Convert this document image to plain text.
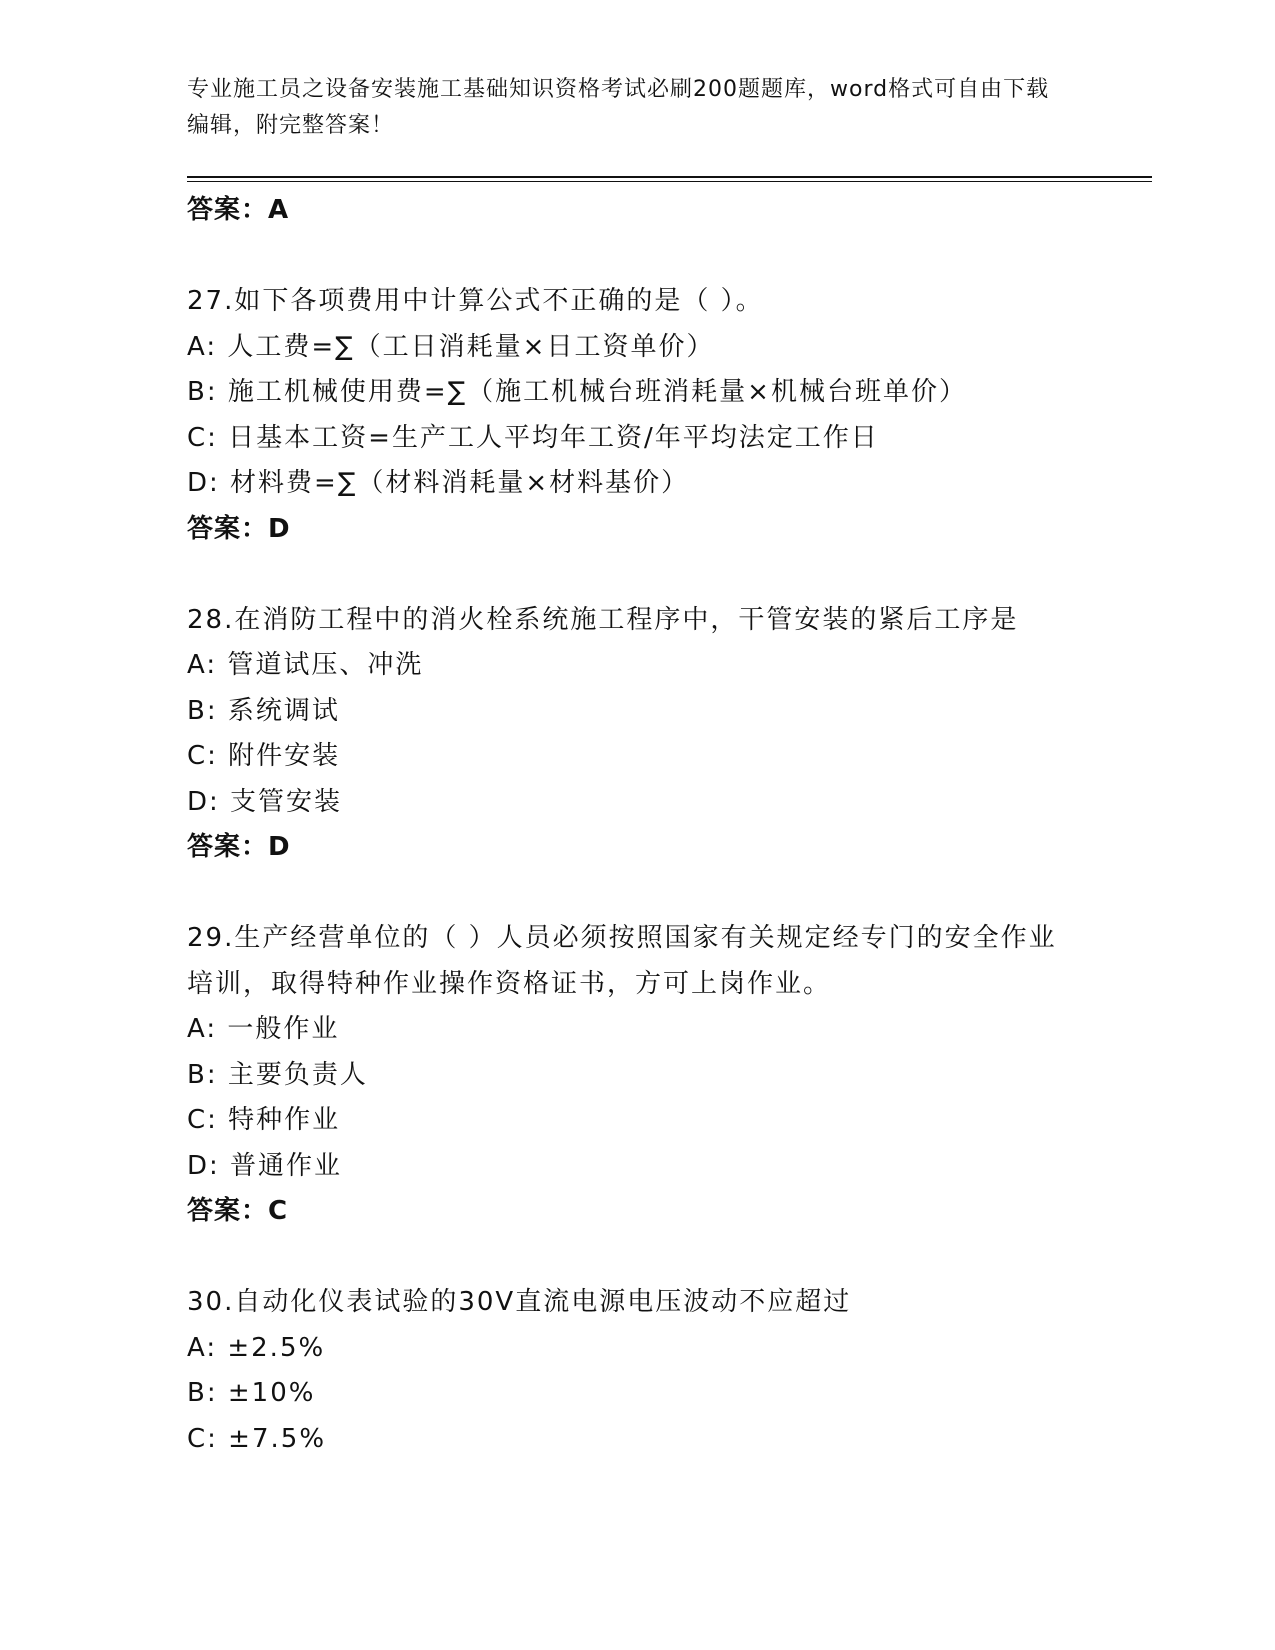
专业施工员之设备安装施工基础知识资格考试必刷200题题库，word格式可自由下载编辑，附完整答案！
答案：A
27.如下各项费用中计算公式不正确的是（ ）。
A: 人工费=∑（工日消耗量×日工资单价）
B: 施工机械使用费=∑（施工机械台班消耗量×机械台班单价）
C: 日基本工资=生产工人平均年工资/年平均法定工作日
D: 材料费=∑（材料消耗量×材料基价）
答案：D
28.在消防工程中的消火栓系统施工程序中，干管安装的紧后工序是
A: 管道试压、冲洗
B: 系统调试
C: 附件安装
D: 支管安装
答案：D
29.生产经营单位的（ ）人员必须按照国家有关规定经专门的安全作业培训，取得特种作业操作资格证书，方可上岗作业。
A: 一般作业
B: 主要负责人
C: 特种作业
D: 普通作业
答案：C
30.自动化仪表试验的30V直流电源电压波动不应超过
A: ±2.5%
B: ±10%
C: ±7.5%
